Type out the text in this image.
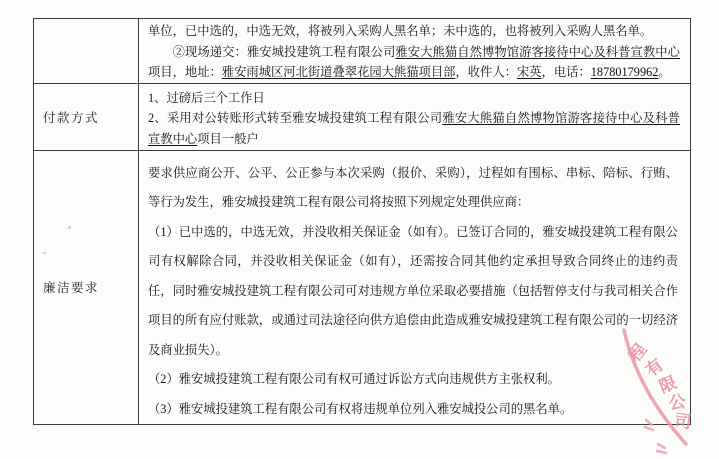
	单位，已中选的，中选无效，将被列入采购人黑名单；未中选的，也将被列入采购人黑名单。

②现场递交：雅安城投建筑工程有限公司雅安大熊猫自然博物馆游客接待中心及科普宣教中心项目，地址：雅安雨城区河北街道叠翠花园大熊猫项目部，收件人：宋英，电话：18780179962。

付款方式	1、过磅后三个工作日

2、采用对公转账形式转至雅安城投建筑工程有限公司雅安大熊猫自然博物馆游客接待中心及科普宣教中心项目一般户

廉洁要求	要求供应商公开、公平、公正参与本次采购（报价、采购），过程如有围标、串标、陪标、行贿、等行为发生，雅安城投建筑工程有限公司将按照下列规定处理供应商：

（1）已中选的，中选无效，并没收相关保证金（如有）。已签订合同的，雅安城投建筑工程有限公司有权解除合同，并没收相关保证金（如有），还需按合同其他约定承担导致合同终止的违约责任，同时雅安城投建筑工程有限公司可对违规方单位采取必要措施（包括暂停支付与我司相关合作项目的所有应付账款，或通过司法途径向供方追偿由此造成雅安城投建筑工程有限公司的一切经济及商业损失）。

（2）雅安城投建筑工程有限公司有权可通过诉讼方式向违规供方主张权利。

（3）雅安城投建筑工程有限公司有权将违规单位列入雅安城投公司的黑名单。

程
有
限
公
司
